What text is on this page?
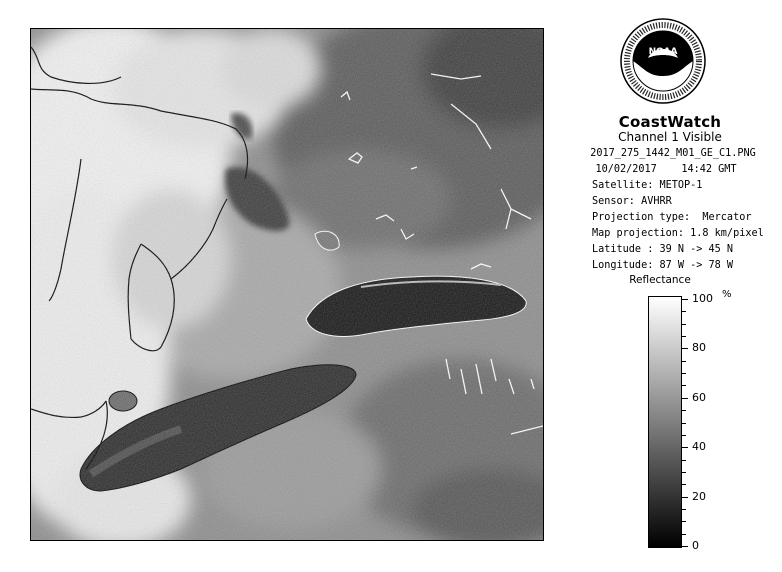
NOAA
CoastWatch
Channel 1 Visible
2017_275_1442_M01_GE_C1.PNG
10/02/2017    14:42 GMT
Satellite: METOP-1
Sensor: AVHRR
Projection type:  Mercator
Map projection: 1.8 km/pixel
Latitude : 39 N -> 45 N
Longitude: 87 W -> 78 W
Reflectance
%
100
80
60
40
20
0
